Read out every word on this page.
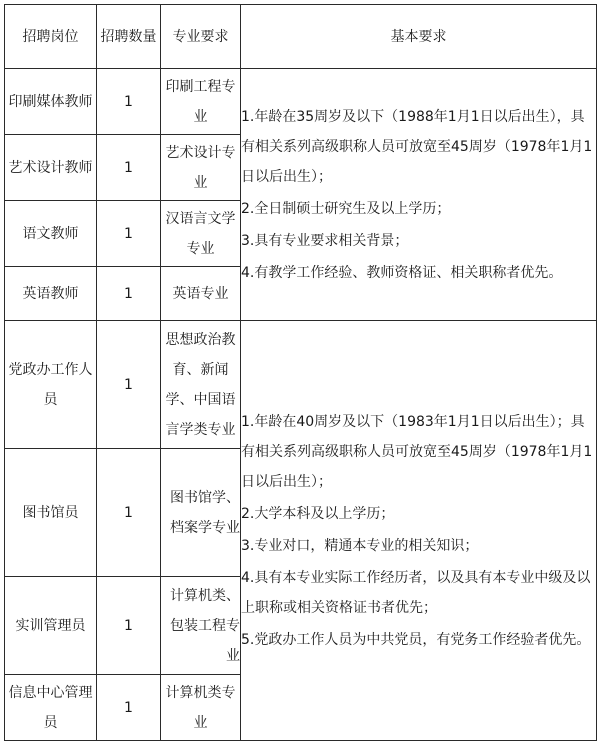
招聘岗位	招聘数量	专业要求	基本要求
印刷媒体教师	1	印刷工程专业	1.年龄在35周岁及以下（1988年1月1日以后出生），具有相关系列高级职称人员可放宽至45周岁（1978年1月1日以后出生）；

2.全日制硕士研究生及以上学历；

3.具有专业要求相关背景；

4.有教学工作经验、教师资格证、相关职称者优先。

艺术设计教师	1	艺术设计专业	
语文教师	1	汉语言文学专业	
英语教师	1	英语专业	
党政办工作人员	1	思想政治教育、新闻学、中国语言学类专业	1.年龄在40周岁及以下（1983年1月1日以后出生）；具有相关系列高级职称人员可放宽至45周岁（1978年1月1日以后出生）；

2.大学本科及以上学历；

3.专业对口，精通本专业的相关知识；

4.具有本专业实际工作经历者，以及具有本专业中级及以上职称或相关资格证书者优先；

5.党政办工作人员为中共党员，有党务工作经验者优先。

图书馆员	1	图书馆学、档案学专业	
实训管理员	1	计算机类、包装工程专业	
信息中心管理员	1	计算机类专业	
